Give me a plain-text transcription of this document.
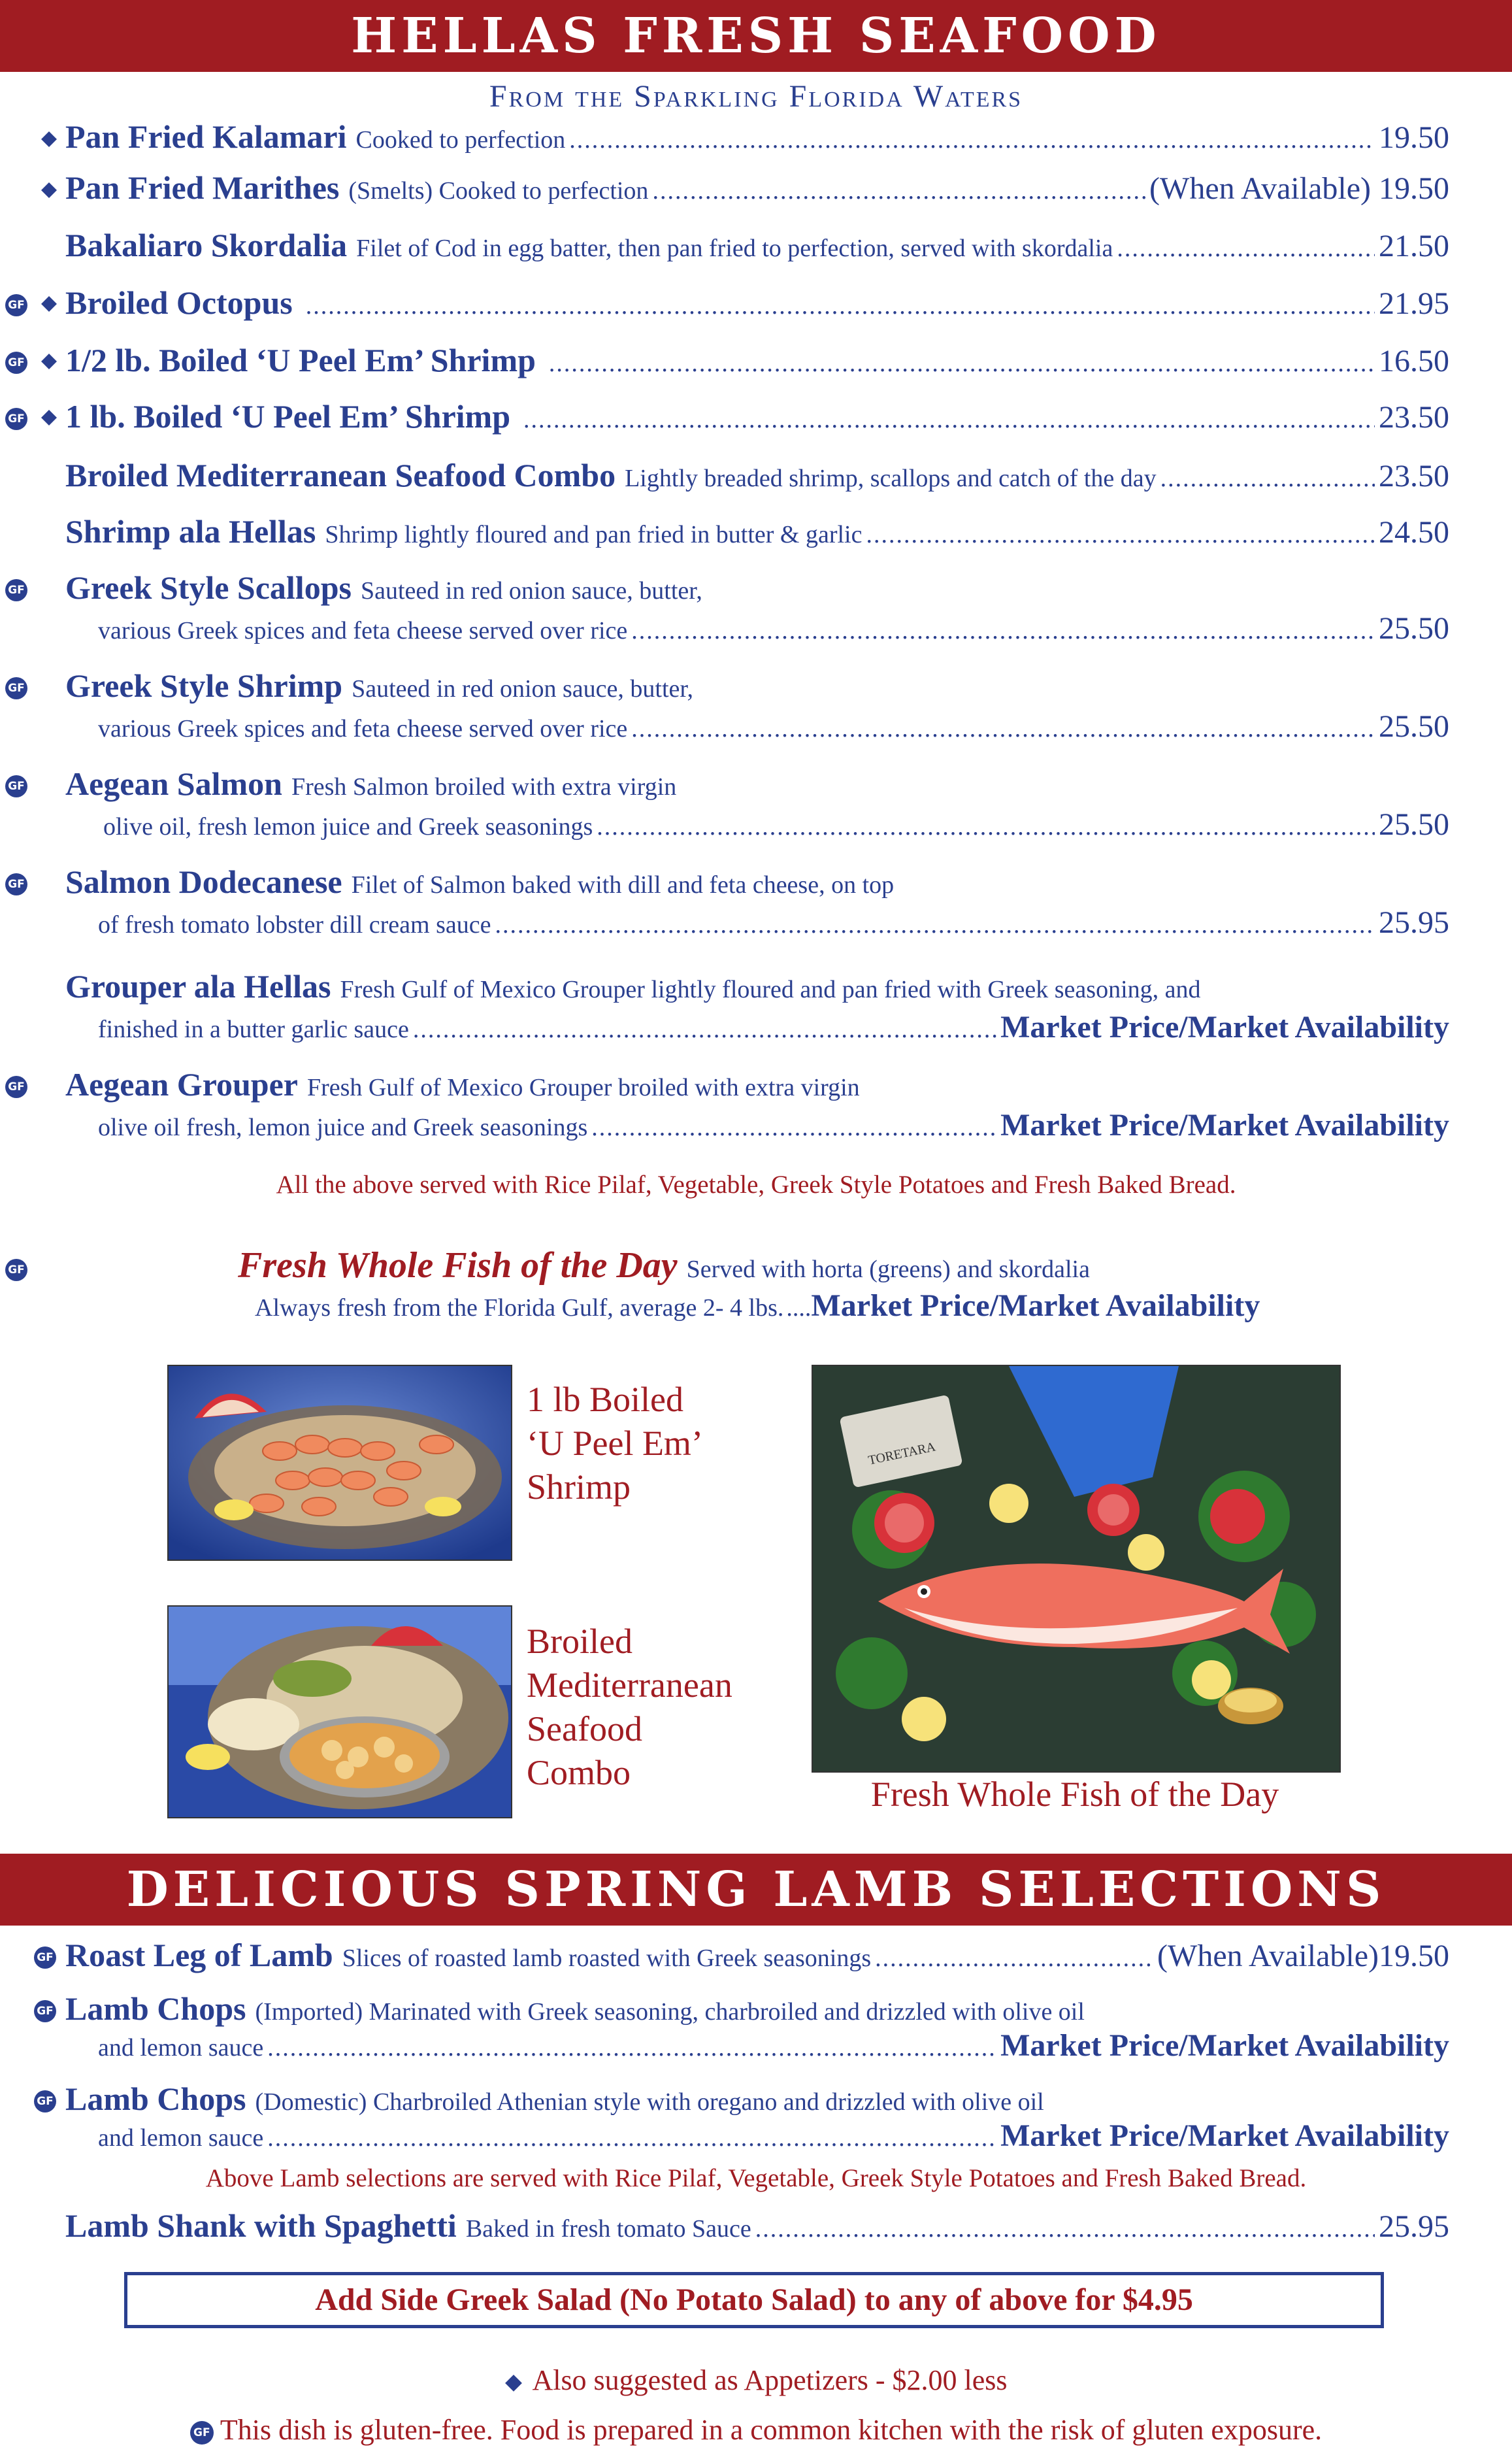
HELLAS FRESH SEAFOOD
From the Sparkling Florida Waters
Pan Fried Kalamari Cooked to perfection .....	19.50
Pan Fried Marithes (Smelts) Cooked to perfection .....	(When Available) 19.50
Bakaliaro Skordalia Filet of Cod in egg batter, then pan fried to perfection, served with skordalia .....	21.50
GF Broiled Octopus .....	21.95
GF 1/2 lb. Boiled ‘U Peel Em’ Shrimp .....	16.50
GF 1 lb. Boiled ‘U Peel Em’ Shrimp .....	23.50
Broiled Mediterranean Seafood Combo Lightly breaded shrimp, scallops and catch of the day .....	23.50
Shrimp ala Hellas Shrimp lightly floured and pan fried in butter & garlic .....	24.50
GF Greek Style Scallops Sauteed in red onion sauce, butter,
various Greek spices and feta cheese served over rice .....	25.50
GF Greek Style Shrimp Sauteed in red onion sauce, butter,
various Greek spices and feta cheese served over rice .....	25.50
GF Aegean Salmon Fresh Salmon broiled with extra virgin
olive oil, fresh lemon juice and Greek seasonings .....	25.50
GF Salmon Dodecanese Filet of Salmon baked with dill and feta cheese, on top
of fresh tomato lobster dill cream sauce .....	25.95
Grouper ala Hellas Fresh Gulf of Mexico Grouper lightly floured and pan fried with Greek seasoning, and
finished in a butter garlic sauce .....	Market Price/Market Availability
GF Aegean Grouper Fresh Gulf of Mexico Grouper broiled with extra virgin
olive oil fresh, lemon juice and Greek seasonings .....	Market Price/Market Availability
All the above served with Rice Pilaf, Vegetable, Greek Style Potatoes and Fresh Baked Bread.
GF	Fresh Whole Fish of the Day Served with horta (greens) and skordalia
Always fresh from the Florida Gulf, average 2- 4 lbs. ....Market Price/Market Availability
1 lb Boiled
‘U Peel Em’
Shrimp
Broiled
Mediterranean
Seafood
Combo
TORETARA
Fresh Whole Fish of the Day
DELICIOUS SPRING LAMB SELECTIONS
GF Roast Leg of Lamb Slices of roasted lamb roasted with Greek seasonings .....	(When Available)19.50
GF Lamb Chops (Imported) Marinated with Greek seasoning, charbroiled and drizzled with olive oil
and lemon sauce .....	Market Price/Market Availability
GF Lamb Chops (Domestic) Charbroiled Athenian style with oregano and drizzled with olive oil
and lemon sauce .....	Market Price/Market Availability
Above Lamb selections are served with Rice Pilaf, Vegetable, Greek Style Potatoes and Fresh Baked Bread.
Lamb Shank with Spaghetti Baked in fresh tomato Sauce .....	25.95
Add Side Greek Salad (No Potato Salad) to any of above for $4.95
Also suggested as Appetizers - $2.00 less
GF This dish is gluten-free. Food is prepared in a common kitchen with the risk of gluten exposure.
